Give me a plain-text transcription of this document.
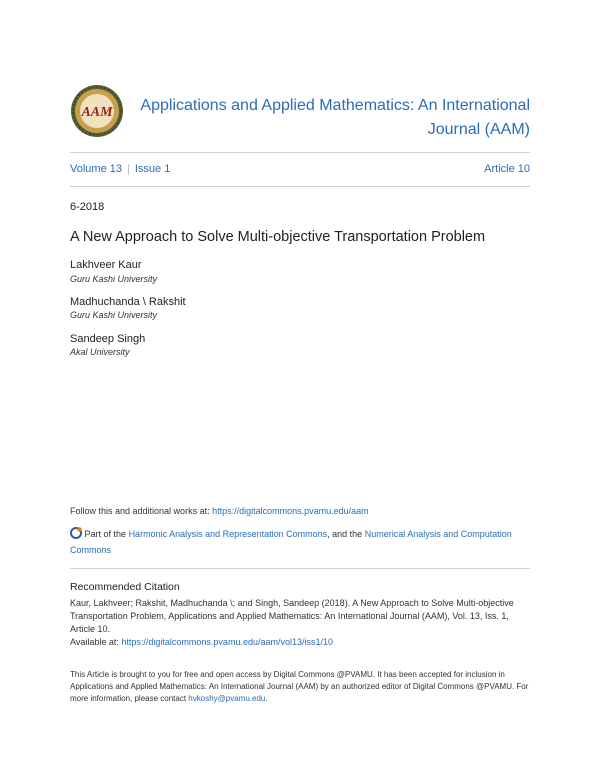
AAM	Applications and Applied Mathematics: An International
Journal (AAM)
Volume 13 | Issue 1	Article 10
6-2018
A New Approach to Solve Multi-objective Transportation Problem
Lakhveer Kaur
Guru Kashi University
Madhuchanda \ Rakshit
Guru Kashi University
Sandeep Singh
Akal University
Follow this and additional works at: https://digitalcommons.pvamu.edu/aam
Part of the Harmonic Analysis and Representation Commons, and the Numerical Analysis and Computation Commons
Recommended Citation
Kaur, Lakhveer; Rakshit, Madhuchanda \; and Singh, Sandeep (2018). A New Approach to Solve Multi-objective Transportation Problem, Applications and Applied Mathematics: An International Journal (AAM), Vol. 13, Iss. 1, Article 10.
Available at: https://digitalcommons.pvamu.edu/aam/vol13/iss1/10
This Article is brought to you for free and open access by Digital Commons @PVAMU. It has been accepted for inclusion in Applications and Applied Mathematics: An International Journal (AAM) by an authorized editor of Digital Commons @PVAMU. For more information, please contact hvkoshy@pvamu.edu.
